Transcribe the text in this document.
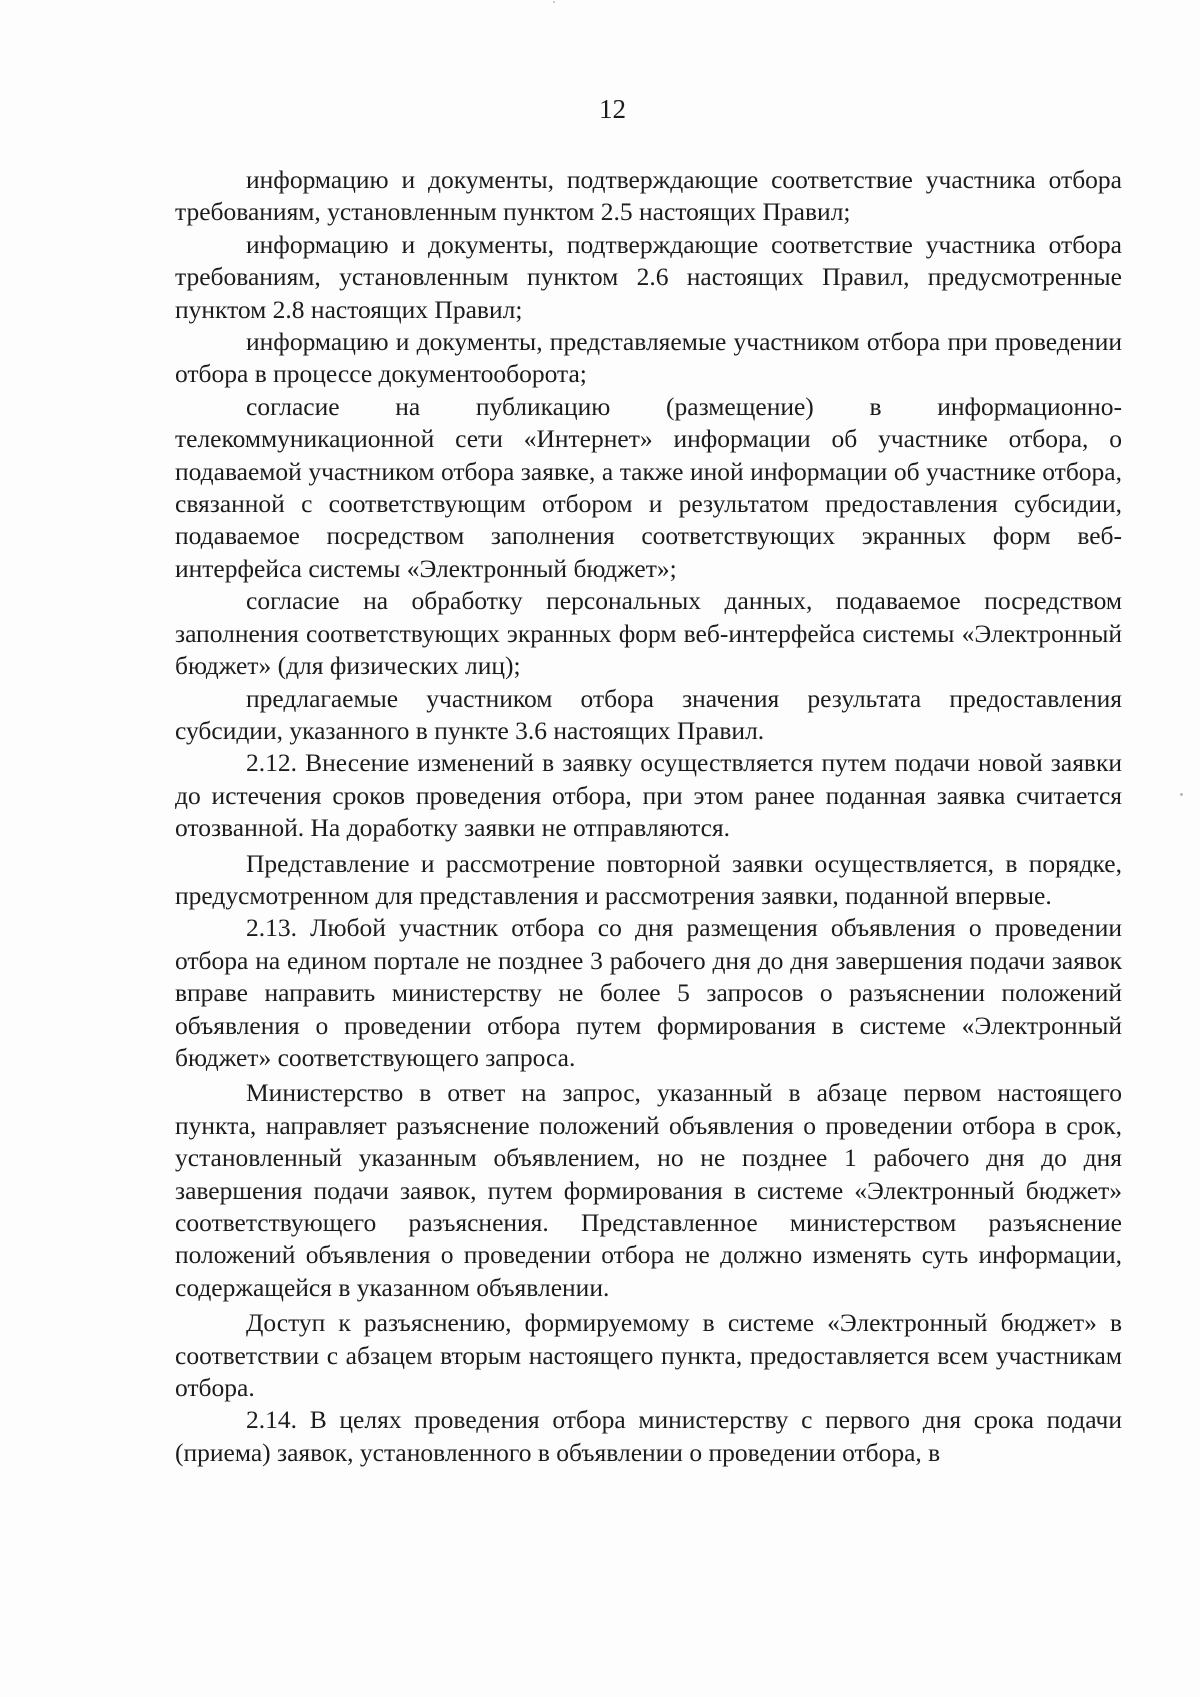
12

информацию и документы, подтверждающие соответствие участника отбора требованиям, установленным пунктом 2.5 настоящих Правил;

информацию и документы, подтверждающие соответствие участника отбора требованиям, установленным пунктом 2.6 настоящих Правил, предусмотренные пунктом 2.8 настоящих Правил;

информацию и документы, представляемые участником отбора при проведении отбора в процессе документооборота;

согласие на публикацию (размещение) в информационно-телекоммуникационной сети «Интернет» информации об участнике отбора, о подаваемой участником отбора заявке, а также иной информации об участнике отбора, связанной с соответствующим отбором и результатом предоставления субсидии, подаваемое посредством заполнения соответствующих экранных форм веб-интерфейса системы «Электронный бюджет»;

согласие на обработку персональных данных, подаваемое посредством заполнения соответствующих экранных форм веб-интерфейса системы «Электронный бюджет» (для физических лиц);

предлагаемые участником отбора значения результата предоставления субсидии, указанного в пункте 3.6 настоящих Правил.

2.12. Внесение изменений в заявку осуществляется путем подачи новой заявки до истечения сроков проведения отбора, при этом ранее поданная заявка считается отозванной. На доработку заявки не отправляются.

Представление и рассмотрение повторной заявки осуществляется, в порядке, предусмотренном для представления и рассмотрения заявки, поданной впервые.

2.13. Любой участник отбора со дня размещения объявления о проведении отбора на едином портале не позднее 3 рабочего дня до дня завершения подачи заявок вправе направить министерству не более 5 запросов о разъяснении положений объявления о проведении отбора путем формирования в системе «Электронный бюджет» соответствующего запроса.

Министерство в ответ на запрос, указанный в абзаце первом настоящего пункта, направляет разъяснение положений объявления о проведении отбора в срок, установленный указанным объявлением, но не позднее 1 рабочего дня до дня завершения подачи заявок, путем формирования в системе «Электронный бюджет» соответствующего разъяснения. Представленное министерством разъяснение положений объявления о проведении отбора не должно изменять суть информации, содержащейся в указанном объявлении.

Доступ к разъяснению, формируемому в системе «Электронный бюджет» в соответствии с абзацем вторым настоящего пункта, предоставляется всем участникам отбора.

2.14. В целях проведения отбора министерству с первого дня срока подачи (приема) заявок, установленного в объявлении о проведении отбора, в
